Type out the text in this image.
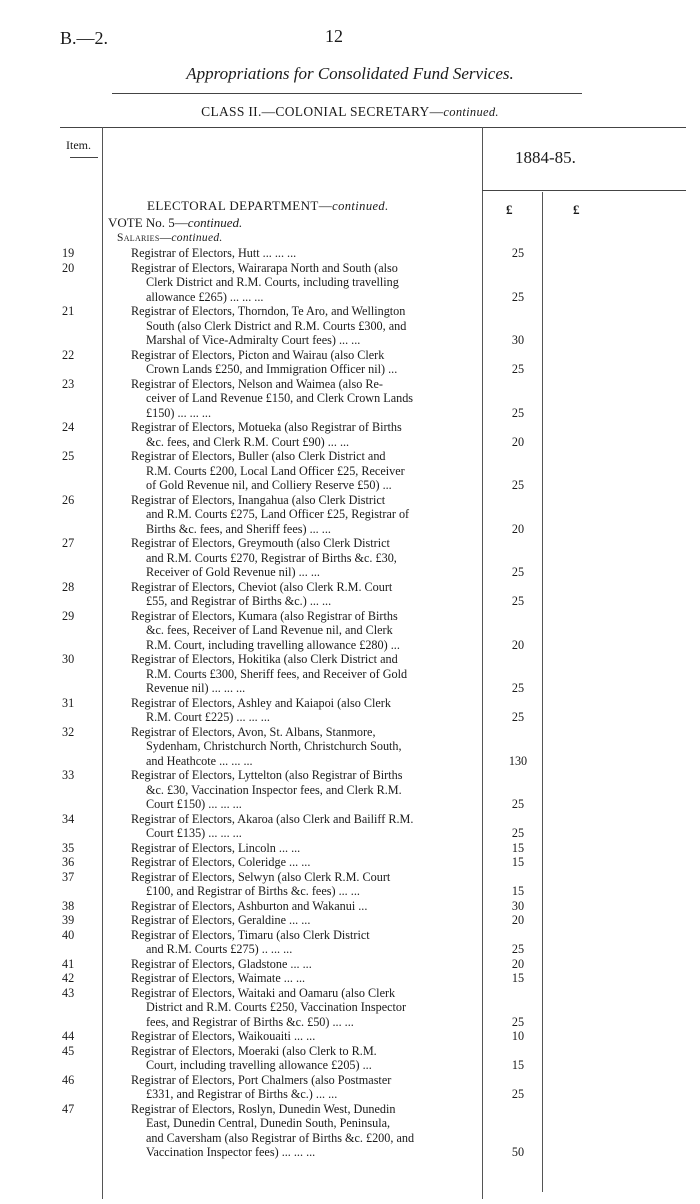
B.—2.	12
Appropriations for Consolidated Fund Services.
CLASS II.—COLONIAL SECRETARY—continued.
Item.
1884-85.
ELECTORAL DEPARTMENT—continued.	£	£
VOTE No. 5—continued.
Salaries—continued.
19	Registrar of Electors, Hutt ... ... ...	25
20	Registrar of Electors, Wairarapa North and South (also
Clerk District and R.M. Courts, including travelling
allowance £265) ... ... ...	25
21	Registrar of Electors, Thorndon, Te Aro, and Wellington
South (also Clerk District and R.M. Courts £300, and
Marshal of Vice-Admiralty Court fees) ... ...	30
22	Registrar of Electors, Picton and Wairau (also Clerk
Crown Lands £250, and Immigration Officer nil) ...	25
23	Registrar of Electors, Nelson and Waimea (also Re-
ceiver of Land Revenue £150, and Clerk Crown Lands
£150) ... ... ...	25
24	Registrar of Electors, Motueka (also Registrar of Births
&c. fees, and Clerk R.M. Court £90) ... ...	20
25	Registrar of Electors, Buller (also Clerk District and
R.M. Courts £200, Local Land Officer £25, Receiver
of Gold Revenue nil, and Colliery Reserve £50) ...	25
26	Registrar of Electors, Inangahua (also Clerk District
and R.M. Courts £275, Land Officer £25, Registrar of
Births &c. fees, and Sheriff fees) ... ...	20
27	Registrar of Electors, Greymouth (also Clerk District
and R.M. Courts £270, Registrar of Births &c. £30,
Receiver of Gold Revenue nil) ... ...	25
28	Registrar of Electors, Cheviot (also Clerk R.M. Court
£55, and Registrar of Births &c.) ... ...	25
29	Registrar of Electors, Kumara (also Registrar of Births
&c. fees, Receiver of Land Revenue nil, and Clerk
R.M. Court, including travelling allowance £280) ...	20
30	Registrar of Electors, Hokitika (also Clerk District and
R.M. Courts £300, Sheriff fees, and Receiver of Gold
Revenue nil) ... ... ...	25
31	Registrar of Electors, Ashley and Kaiapoi (also Clerk
R.M. Court £225) ... ... ...	25
32	Registrar of Electors, Avon, St. Albans, Stanmore,
Sydenham, Christchurch North, Christchurch South,
and Heathcote ... ... ...	130
33	Registrar of Electors, Lyttelton (also Registrar of Births
&c. £30, Vaccination Inspector fees, and Clerk R.M.
Court £150) ... ... ...	25
34	Registrar of Electors, Akaroa (also Clerk and Bailiff R.M.
Court £135) ... ... ...	25
35	Registrar of Electors, Lincoln ... ...	15
36	Registrar of Electors, Coleridge ... ...	15
37	Registrar of Electors, Selwyn (also Clerk R.M. Court
£100, and Registrar of Births &c. fees) ... ...	15
38	Registrar of Electors, Ashburton and Wakanui ...	30
39	Registrar of Electors, Geraldine ... ...	20
40	Registrar of Electors, Timaru (also Clerk District
and R.M. Courts £275) .. ... ...	25
41	Registrar of Electors, Gladstone ... ...	20
42	Registrar of Electors, Waimate ... ...	15
43	Registrar of Electors, Waitaki and Oamaru (also Clerk
District and R.M. Courts £250, Vaccination Inspector
fees, and Registrar of Births &c. £50) ... ...	25
44	Registrar of Electors, Waikouaiti ... ...	10
45	Registrar of Electors, Moeraki (also Clerk to R.M.
Court, including travelling allowance £205) ...	15
46	Registrar of Electors, Port Chalmers (also Postmaster
£331, and Registrar of Births &c.) ... ...	25
47	Registrar of Electors, Roslyn, Dunedin West, Dunedin
East, Dunedin Central, Dunedin South, Peninsula,
and Caversham (also Registrar of Births &c. £200, and
Vaccination Inspector fees) ... ... ...	50
